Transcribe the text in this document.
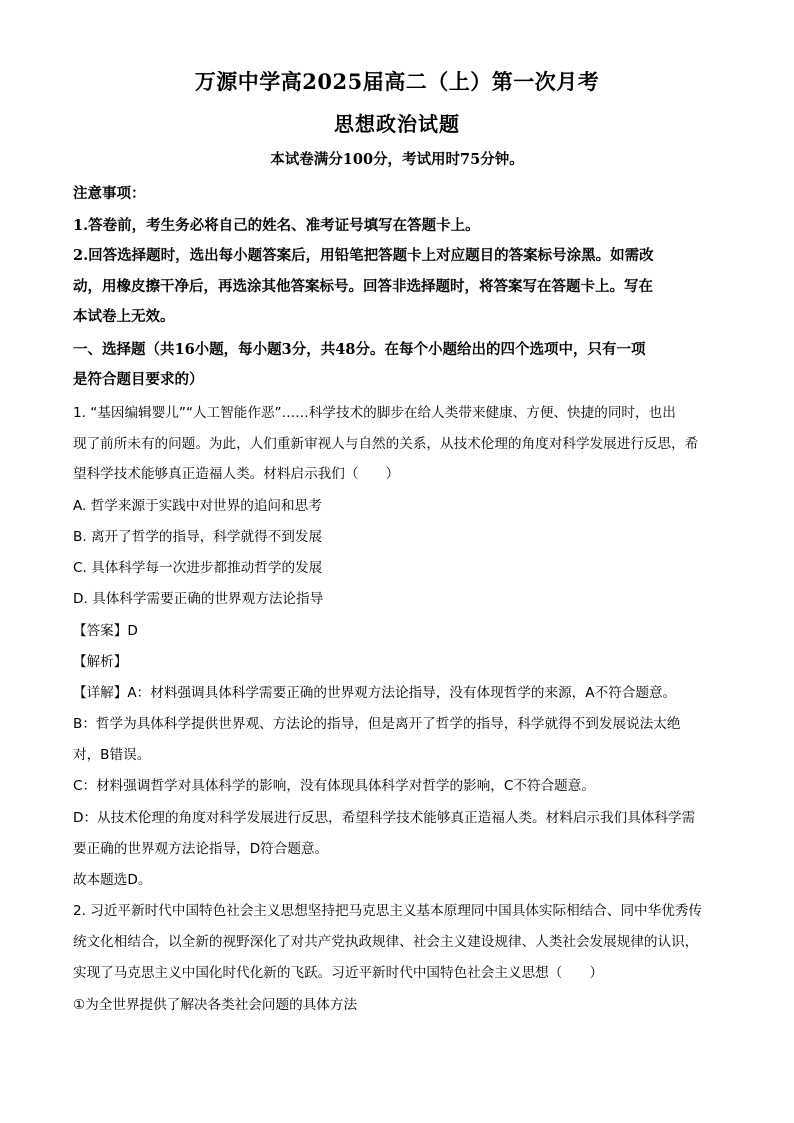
万源中学高2025届高二（上）第一次月考
思想政治试题
本试卷满分100分，考试用时75分钟。
注意事项：
1.答卷前，考生务必将自己的姓名、准考证号填写在答题卡上。
2.回答选择题时，选出每小题答案后，用铅笔把答题卡上对应题目的答案标号涂黑。如需改
动，用橡皮擦干净后，再选涂其他答案标号。回答非选择题时，将答案写在答题卡上。写在
本试卷上无效。
一、选择题（共16小题，每小题3分，共48分。在每个小题给出的四个选项中，只有一项
是符合题目要求的）
1. “基因编辑婴儿”“人工智能作恶”……科学技术的脚步在给人类带来健康、方便、快捷的同时，也出
现了前所未有的问题。为此，人们重新审视人与自然的关系，从技术伦理的角度对科学发展进行反思，希
望科学技术能够真正造福人类。材料启示我们（　　）
A. 哲学来源于实践中对世界的追问和思考
B. 离开了哲学的指导，科学就得不到发展
C. 具体科学每一次进步都推动哲学的发展
D. 具体科学需要正确的世界观方法论指导
【答案】D
【解析】
【详解】A：材料强调具体科学需要正确的世界观方法论指导，没有体现哲学的来源，A不符合题意。
B：哲学为具体科学提供世界观、方法论的指导，但是离开了哲学的指导，科学就得不到发展说法太绝
对，B错误。
C：材料强调哲学对具体科学的影响，没有体现具体科学对哲学的影响，C不符合题意。
D：从技术伦理的角度对科学发展进行反思，希望科学技术能够真正造福人类。材料启示我们具体科学需
要正确的世界观方法论指导，D符合题意。
故本题选D。
2. 习近平新时代中国特色社会主义思想坚持把马克思主义基本原理同中国具体实际相结合、同中华优秀传
统文化相结合，以全新的视野深化了对共产党执政规律、社会主义建设规律、人类社会发展规律的认识，
实现了马克思主义中国化时代化新的飞跃。习近平新时代中国特色社会主义思想（　　）
①为全世界提供了解决各类社会问题的具体方法
